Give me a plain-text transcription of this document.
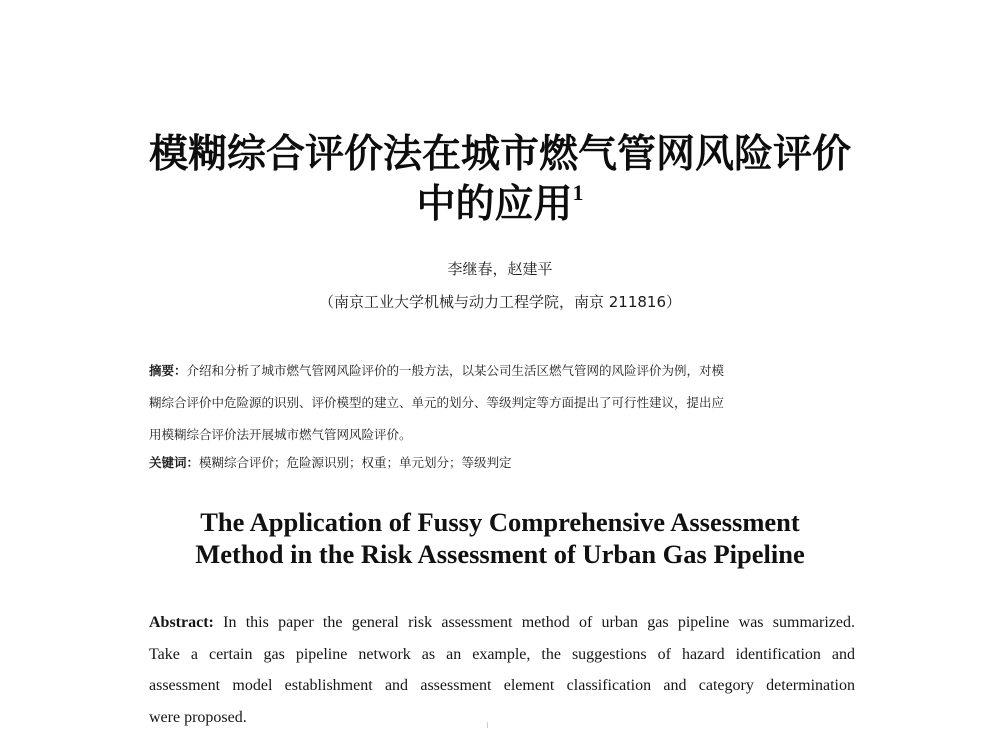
模糊综合评价法在城市燃气管网风险评价
中的应用$^1$
李继春，赵建平
（南京工业大学机械与动力工程学院，南京 211816）
摘要：介绍和分析了城市燃气管网风险评价的一般方法，以某公司生活区燃气管网的风险评价为例，对模
糊综合评价中危险源的识别、评价模型的建立、单元的划分、等级判定等方面提出了可行性建议，提出应
用模糊综合评价法开展城市燃气管网风险评价。
关键词：模糊综合评价；危险源识别；权重；单元划分；等级判定
The Application of Fussy Comprehensive Assessment
Method in the Risk Assessment of Urban Gas Pipeline
Abstract: In this paper the general risk assessment method of urban gas pipeline was summarized.
Take a certain gas pipeline network as an example, the suggestions of hazard identification and
assessment model establishment and assessment element classification and category determination
were proposed.
